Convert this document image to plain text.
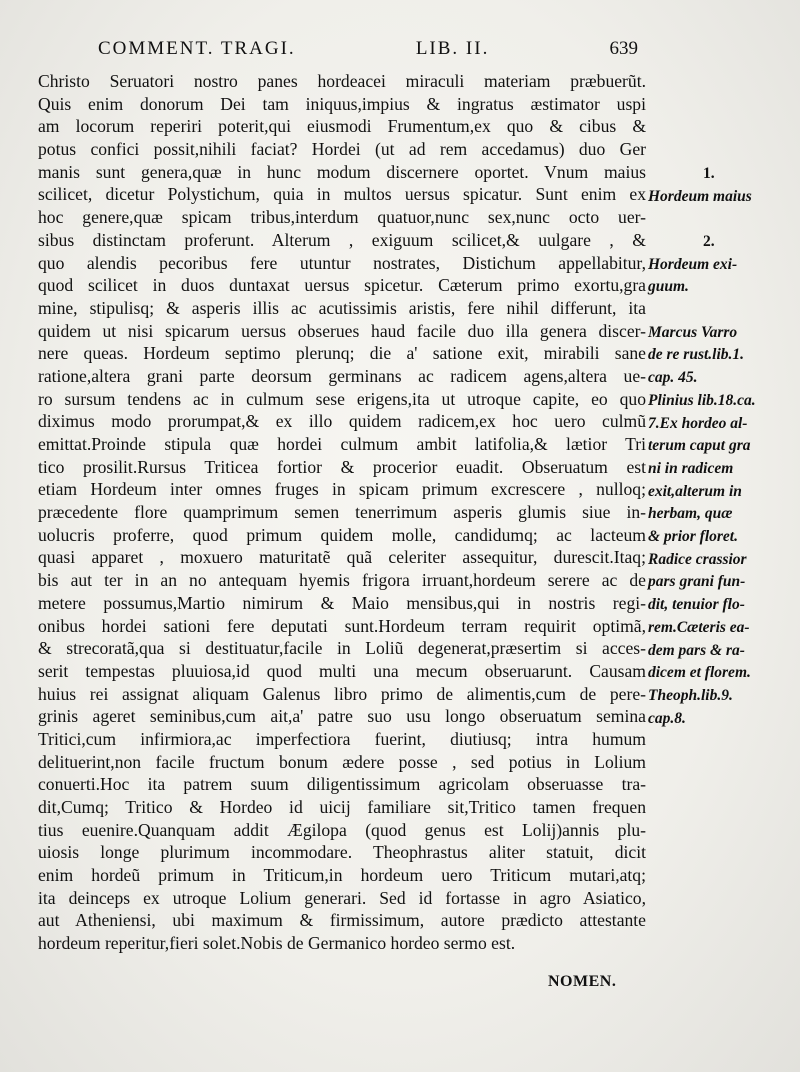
COMMENT. TRAGI.	LIB. II.	639
Christo Seruatori nostro panes hordeacei miraculi materiam præbuerũt.
Quis enim donorum Dei tam iniquus,impius & ingratus æstimator uspi
am locorum reperiri poterit,qui eiusmodi Frumentum,ex quo & cibus &
potus confici possit,nihili faciat? Hordei (ut ad rem accedamus) duo Ger
manis sunt genera,quæ in hunc modum discernere oportet. Vnum maius
scilicet, dicetur Polystichum, quia in multos uersus spicatur. Sunt enim ex
hoc genere,quæ spicam tribus,interdum quatuor,nunc sex,nunc octo uer-
sibus distinctam proferunt. Alterum , exiguum scilicet,& uulgare , &
quo alendis pecoribus fere utuntur nostrates, Distichum appellabitur,
quod scilicet in duos duntaxat uersus spicetur. Cæterum primo exortu,gra
mine, stipulisq; & asperis illis ac acutissimis aristis, fere nihil differunt, ita
quidem ut nisi spicarum uersus obserues haud facile duo illa genera discer-
nere queas. Hordeum septimo plerunq; die a' satione exit, mirabili sane
ratione,altera grani parte deorsum germinans ac radicem agens,altera ue-
ro sursum tendens ac in culmum sese erigens,ita ut utroque capite, eo quo
diximus modo prorumpat,& ex illo quidem radicem,ex hoc uero culmũ
emittat.Proinde stipula quæ hordei culmum ambit latifolia,& lætior Tri
tico prosilit.Rursus Triticea fortior & procerior euadit. Obseruatum est
etiam Hordeum inter omnes fruges in spicam primum excrescere , nulloq;
præcedente flore quamprimum semen tenerrimum asperis glumis siue in-
uolucris proferre, quod primum quidem molle, candidumq; ac lacteum
quasi apparet , moxuero maturitatẽ quã celeriter assequitur, durescit.Itaq;
bis aut ter in an no antequam hyemis frigora irruant,hordeum serere ac de
metere possumus,Martio nimirum & Maio mensibus,qui in nostris regi-
onibus hordei sationi fere deputati sunt.Hordeum terram requirit optimã,
& strecoratã,qua si destituatur,facile in Loliũ degenerat,præsertim si acces-
serit tempestas pluuiosa,id quod multi una mecum obseruarunt. Causam
huius rei assignat aliquam Galenus libro primo de alimentis,cum de pere-
grinis ageret seminibus,cum ait,a' patre suo usu longo obseruatum semina
Tritici,cum infirmiora,ac imperfectiora fuerint, diutiusq; intra humum
delituerint,non facile fructum bonum ædere posse , sed potius in Lolium
conuerti.Hoc ita patrem suum diligentissimum agricolam obseruasse tra-
dit,Cumq; Tritico & Hordeo id uicij familiare sit,Tritico tamen frequen
tius euenire.Quanquam addit Ægilopa (quod genus est Lolij)annis plu-
uiosis longe plurimum incommodare. Theophrastus aliter statuit, dicit
enim hordeũ primum in Triticum,in hordeum uero Triticum mutari,atq;
ita deinceps ex utroque Lolium generari. Sed id fortasse in agro Asiatico,
aut Atheniensi, ubi maximum & firmissimum, autore prædicto attestante
hordeum reperitur,fieri solet.Nobis de Germanico hordeo sermo est.
1.
Hordeum maius
2.
Hordeum exi-
guum.
Marcus Varro
de re rust.lib.1.
cap. 45.
Plinius lib.18.ca.
7.Ex hordeo al-
terum caput gra
ni in radicem
exit,alterum in
herbam, quæ
& prior floret.
Radice crassior
pars grani fun-
dit, tenuior flo-
rem.Cæteris ea-
dem pars & ra-
dicem et florem.
Theoph.lib.9.
cap.8.
NOMEN.
